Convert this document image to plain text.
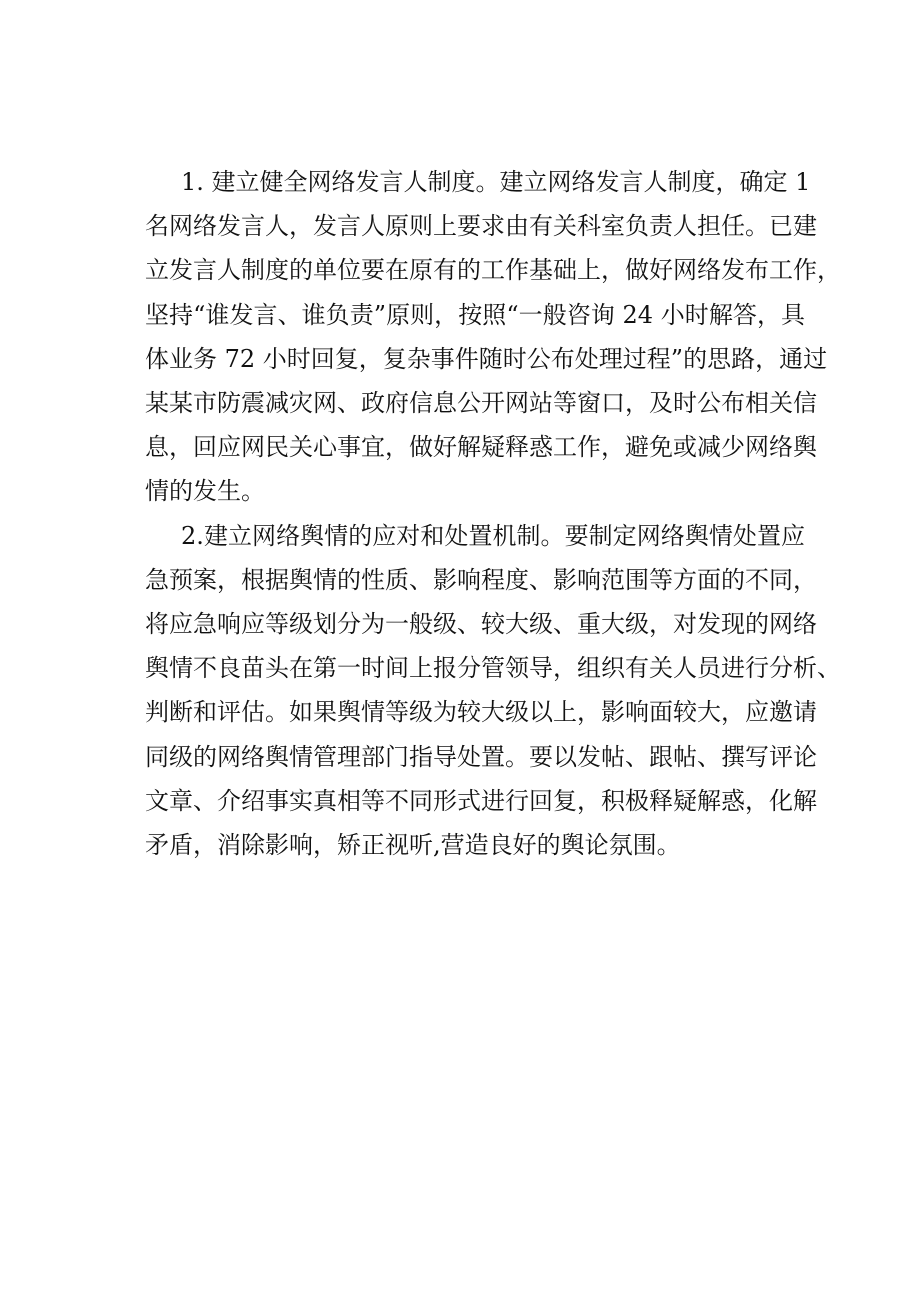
1. 建立健全网络发言人制度。建立网络发言人制度，确定 1
名网络发言人，发言人原则上要求由有关科室负责人担任。已建
立发言人制度的单位要在原有的工作基础上，做好网络发布工作，
坚持“谁发言、谁负责”原则，按照“一般咨询 24 小时解答，具
体业务 72 小时回复，复杂事件随时公布处理过程”的思路，通过
某某市防震减灾网、政府信息公开网站等窗口，及时公布相关信
息，回应网民关心事宜，做好解疑释惑工作，避免或减少网络舆
情的发生。
2.建立网络舆情的应对和处置机制。要制定网络舆情处置应
急预案，根据舆情的性质、影响程度、影响范围等方面的不同，
将应急响应等级划分为一般级、较大级、重大级，对发现的网络
舆情不良苗头在第一时间上报分管领导，组织有关人员进行分析、
判断和评估。如果舆情等级为较大级以上，影响面较大，应邀请
同级的网络舆情管理部门指导处置。要以发帖、跟帖、撰写评论
文章、介绍事实真相等不同形式进行回复，积极释疑解惑，化解
矛盾，消除影响，矫正视听,营造良好的舆论氛围。
